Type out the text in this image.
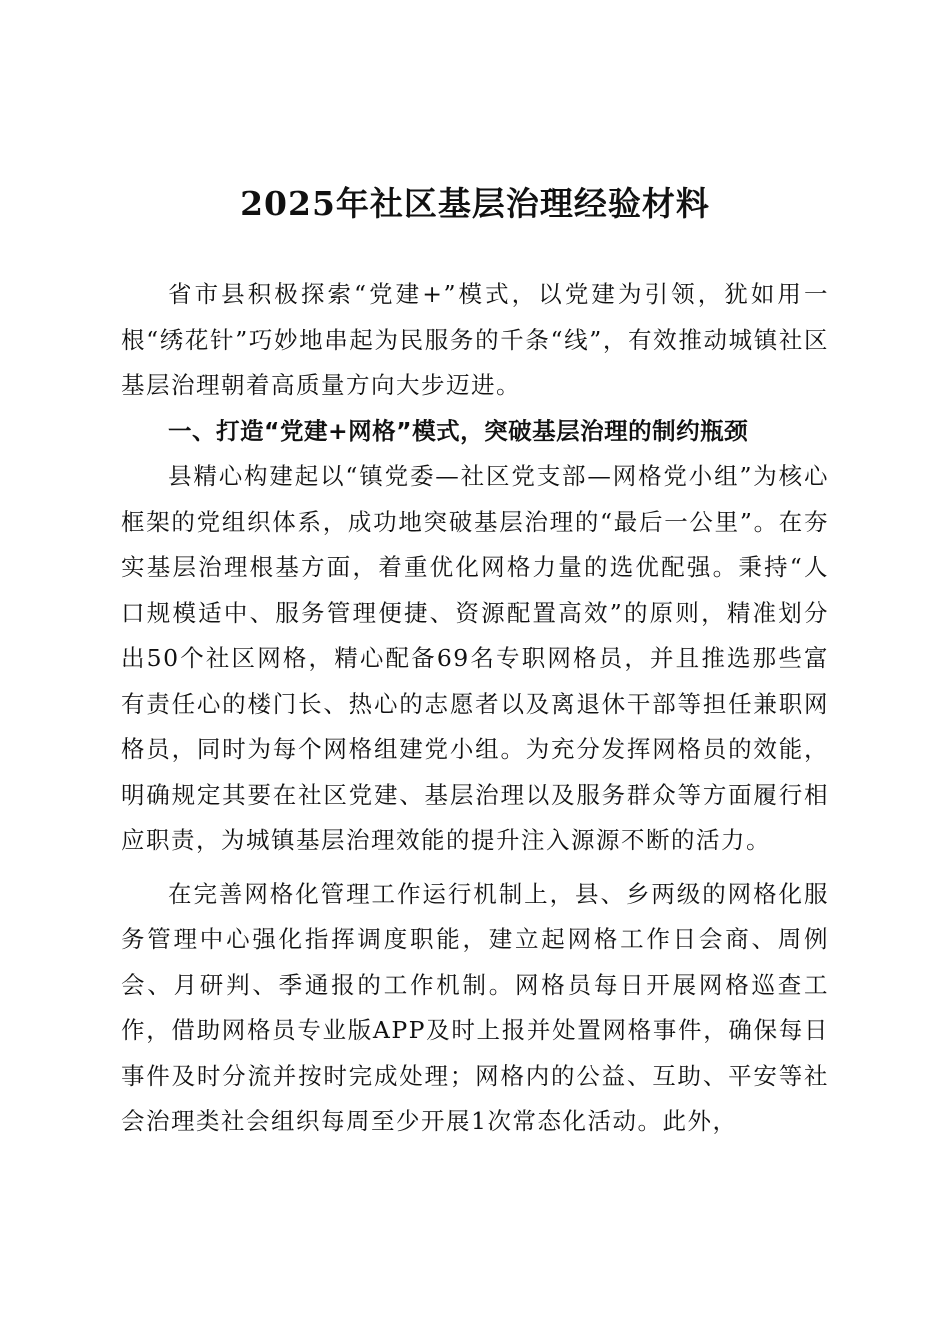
2025年社区基层治理经验材料

省市县积极探索“党建+”模式，以党建为引领，犹如用一根“绣花针”巧妙地串起为民服务的千条“线”，有效推动城镇社区基层治理朝着高质量方向大步迈进。

一、打造“党建+网格”模式，突破基层治理的制约瓶颈

县精心构建起以“镇党委—社区党支部—网格党小组”为核心框架的党组织体系，成功地突破基层治理的“最后一公里”。在夯实基层治理根基方面，着重优化网格力量的选优配强。秉持“人口规模适中、服务管理便捷、资源配置高效”的原则，精准划分出50个社区网格，精心配备69名专职网格员，并且推选那些富有责任心的楼门长、热心的志愿者以及离退休干部等担任兼职网格员，同时为每个网格组建党小组。为充分发挥网格员的效能，明确规定其要在社区党建、基层治理以及服务群众等方面履行相应职责，为城镇基层治理效能的提升注入源源不断的活力。

在完善网格化管理工作运行机制上，县、乡两级的网格化服务管理中心强化指挥调度职能，建立起网格工作日会商、周例会、月研判、季通报的工作机制。网格员每日开展网格巡查工作，借助网格员专业版APP及时上报并处置网格事件，确保每日事件及时分流并按时完成处理；网格内的公益、互助、平安等社会治理类社会组织每周至少开展1次常态化活动。此外，
